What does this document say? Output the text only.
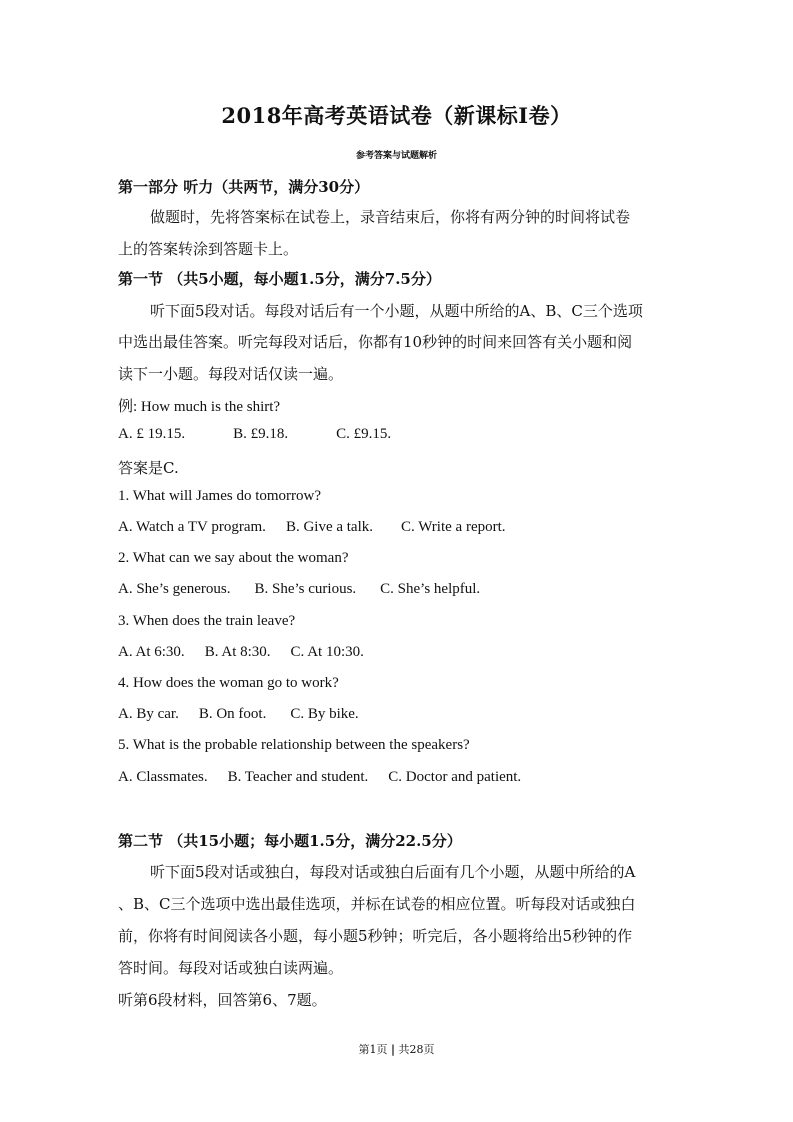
2018年高考英语试卷（新课标I卷）
参考答案与试题解析
第一部分 听力（共两节，满分30分）
做题时，先将答案标在试卷上，录音结束后，你将有两分钟的时间将试卷
上的答案转涂到答题卡上。
第一节 （共5小题，每小题1.5分，满分7.5分）
听下面5段对话。每段对话后有一个小题，从题中所给的A、B、C三个选项
中选出最佳答案。听完每段对话后，你都有10秒钟的时间来回答有关小题和阅
读下一小题。每段对话仅读一遍。
例: How much is the shirt?
A. £ 19.15.	B. £9.18.	C. £9.15.
答案是C.
1. What will James do tomorrow?
A. Watch a TV program. B. Give a talk. C. Write a report.
2. What can we say about the woman?
A. She’s generous. B. She’s curious. C. She’s helpful.
3. When does the train leave?
A. At 6:30. B. At 8:30. C. At 10:30.
4. How does the woman go to work?
A. By car. B. On foot. C. By bike.
5. What is the probable relationship between the speakers?
A. Classmates. B. Teacher and student. C. Doctor and patient.
第二节 （共15小题；每小题1.5分，满分22.5分）
听下面5段对话或独白，每段对话或独白后面有几个小题，从题中所给的A
、B、C三个选项中选出最佳选项，并标在试卷的相应位置。听每段对话或独白
前，你将有时间阅读各小题，每小题5秒钟；听完后，各小题将给出5秒钟的作
答时间。每段对话或独白读两遍。
听第6段材料，回答第6、7题。
第1页 | 共28页
